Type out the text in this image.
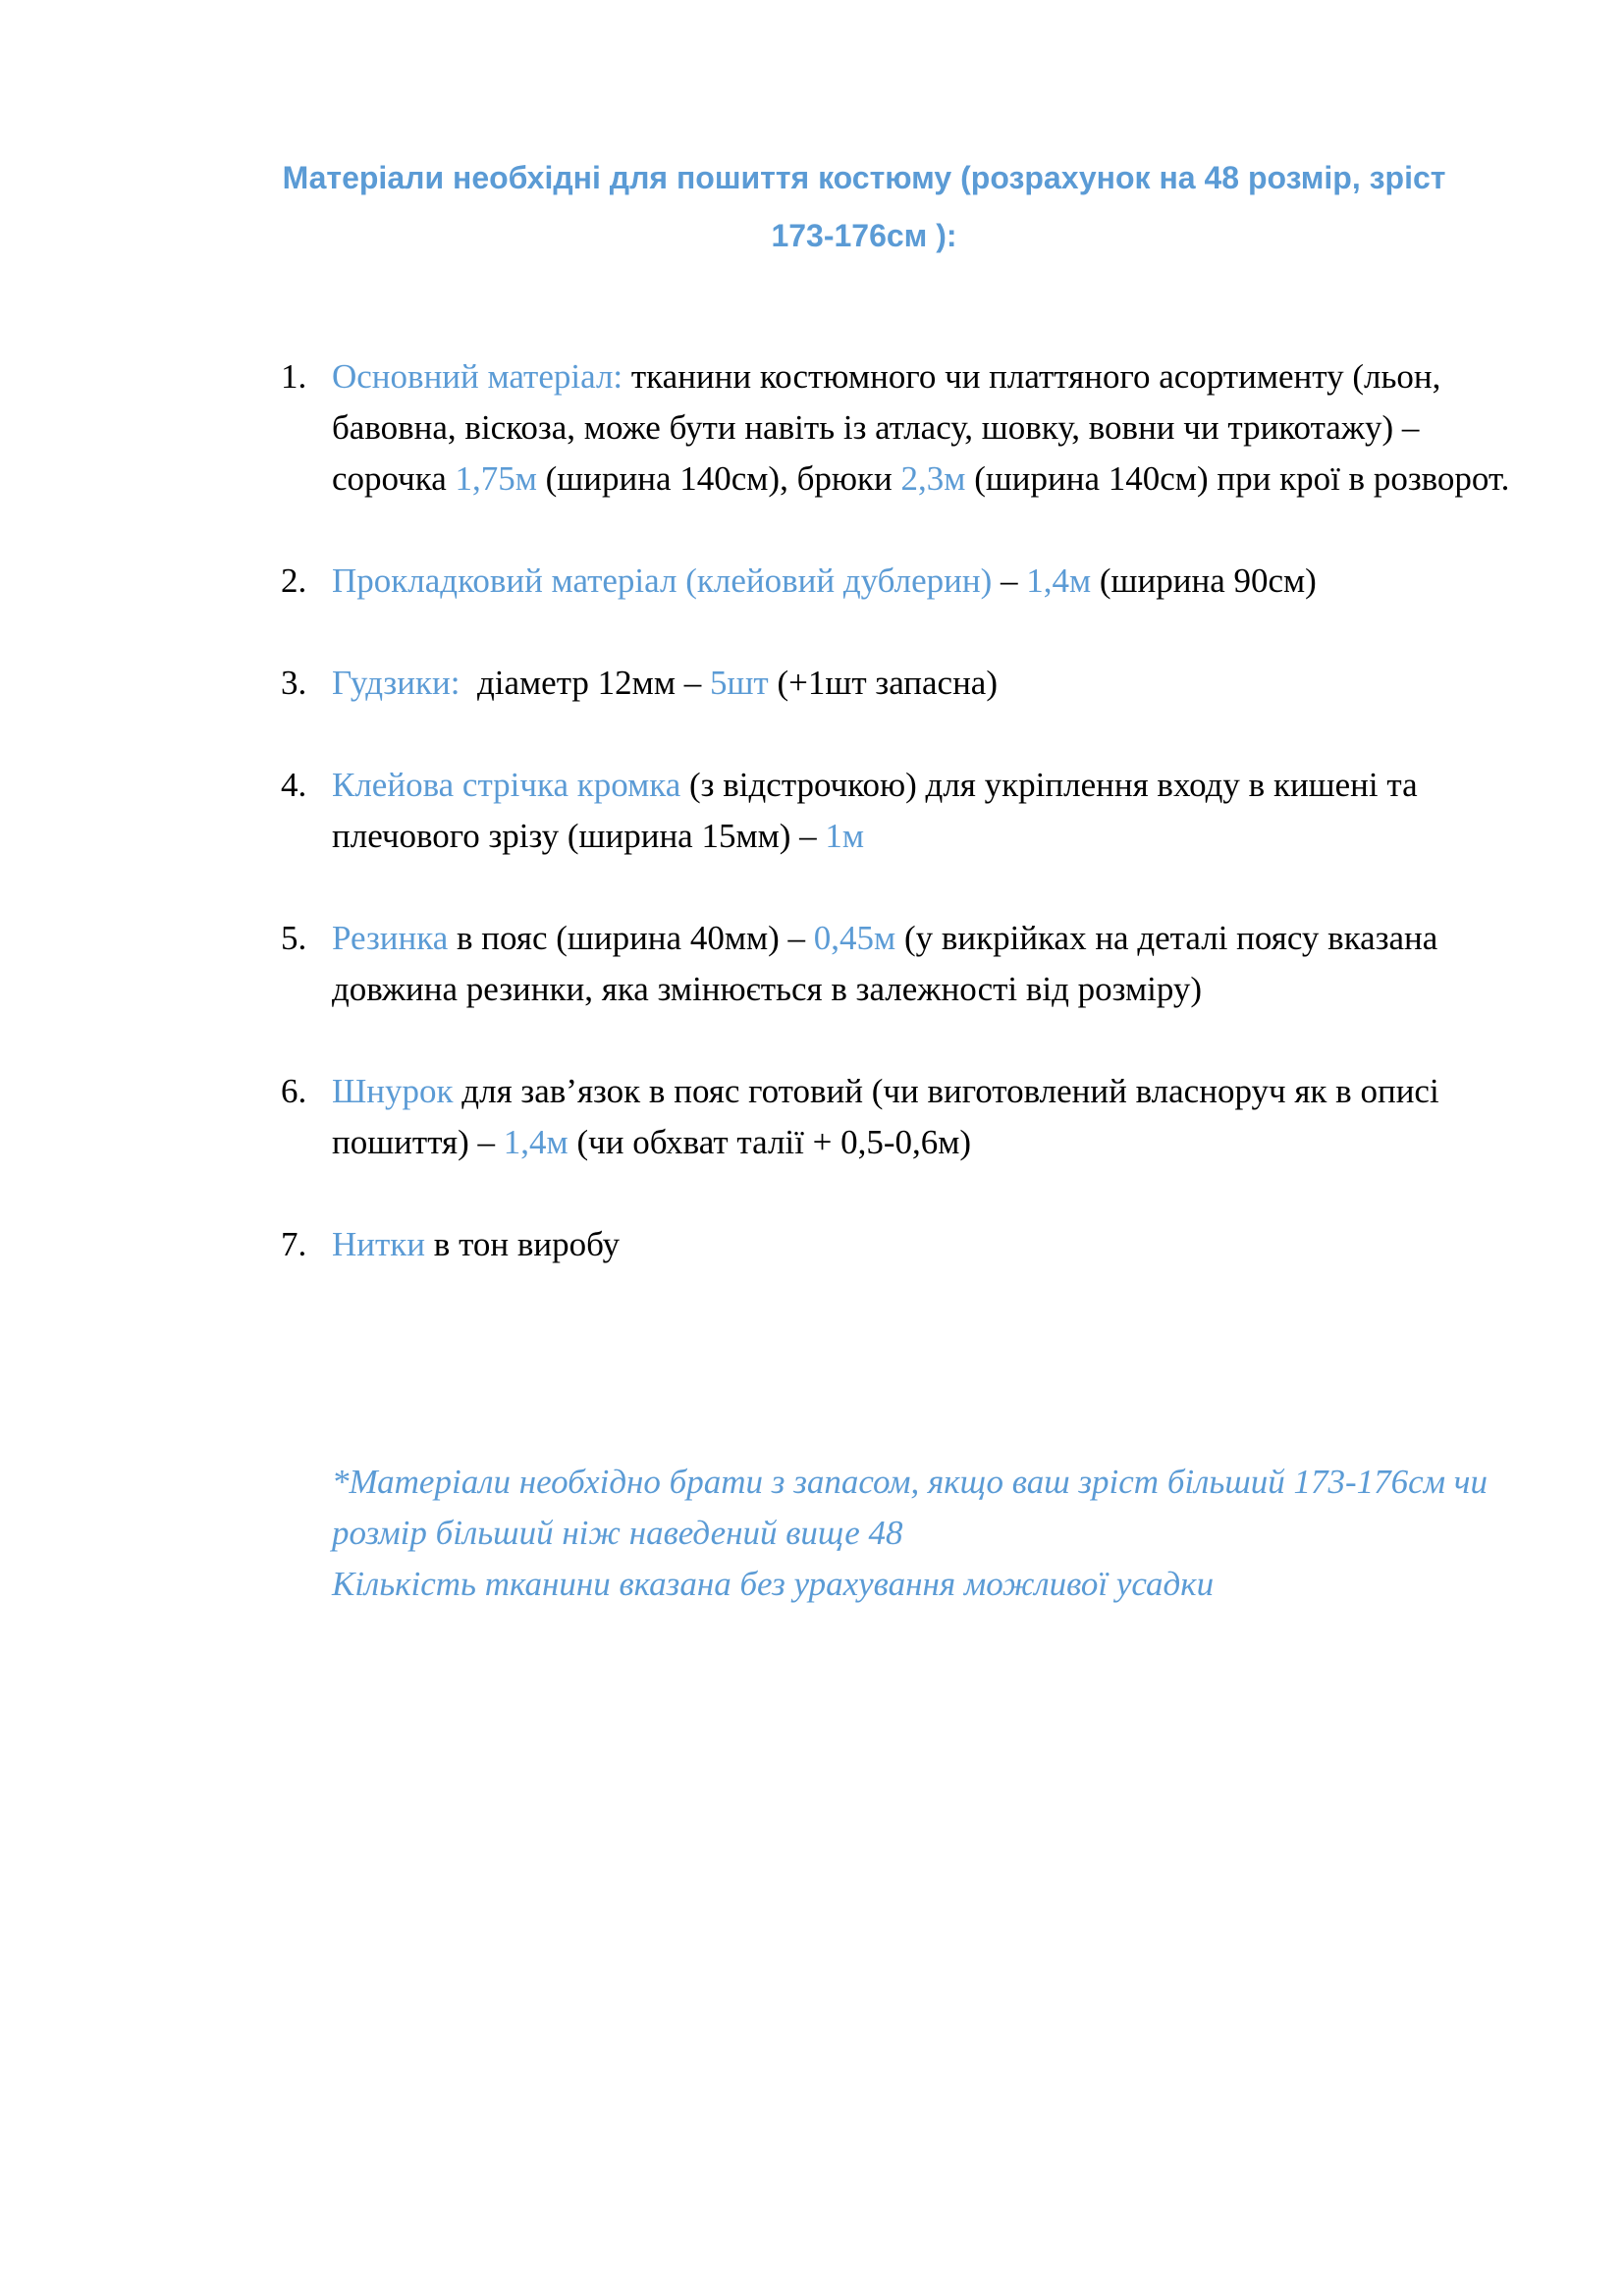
Матеріали необхідні для пошиття костюму (розрахунок на 48 розмір, зріст
173-176см ):
1. Основний матеріал: тканини костюмного чи платтяного асортименту (льон, бавовна, віскоза, може бути навіть із атласу, шовку, вовни чи трикотажу) – сорочка 1,75м (ширина 140см), брюки 2,3м (ширина 140см) при крої в розворот.
2. Прокладковий матеріал (клейовий дублерин) – 1,4м (ширина 90см)
3. Гудзики:  діаметр 12мм – 5шт (+1шт запасна)
4. Клейова стрічка кромка (з відстрочкою) для укріплення входу в кишені та плечового зрізу (ширина 15мм) – 1м
5. Резинка в пояс (ширина 40мм) – 0,45м (у викрійках на деталі поясу вказана довжина резинки, яка змінюється в залежності від розміру)
6. Шнурок для зав’язок в пояс готовий (чи виготовлений власноруч як в описі пошиття) – 1,4м (чи обхват талії + 0,5-0,6м)
7. Нитки в тон виробу
*Матеріали необхідно брати з запасом, якщо ваш зріст більший 173-176см чи розмір більший ніж наведений вище 48
Кількість тканини вказана без урахування можливої усадки
